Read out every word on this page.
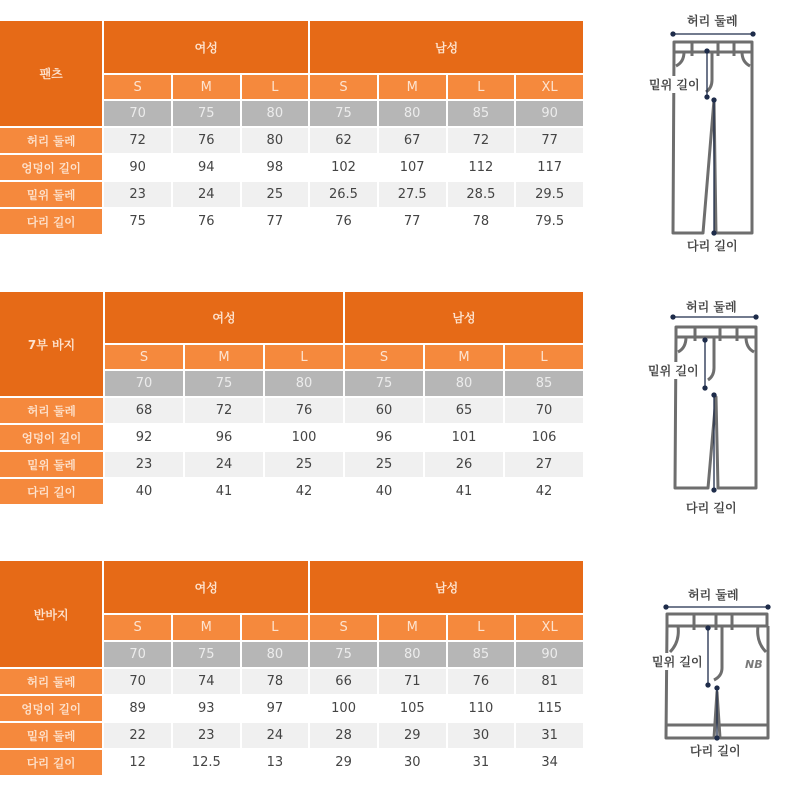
팬츠	여성			남성			
	S	M	L	S	M	L	XL
	70	75	80	75	80	85	90
허리 둘레	72	76	80	62	67	72	77
엉덩이 길이	90	94	98	102	107	112	117
밑위 둘레	23	24	25	26.5	27.5	28.5	29.5
다리 길이	75	76	77	76	77	78	79.5
7부 바지	여성			남성		
	S	M	L	S	M	L
	70	75	80	75	80	85
허리 둘레	68	72	76	60	65	70
엉덩이 길이	92	96	100	96	101	106
밑위 둘레	23	24	25	25	26	27
다리 길이	40	41	42	40	41	42
반바지	여성			남성			
	S	M	L	S	M	L	XL
	70	75	80	75	80	85	90
허리 둘레	70	74	78	66	71	76	81
엉덩이 길이	89	93	97	100	105	110	115
밑위 둘레	22	23	24	28	29	30	31
다리 길이	12	12.5	13	29	30	31	34
허리 둘레
밑위 길이
다리 길이
허리 둘레
밑위 길이
다리 길이
NB
허리 둘레
밑위 길이
다리 길이
